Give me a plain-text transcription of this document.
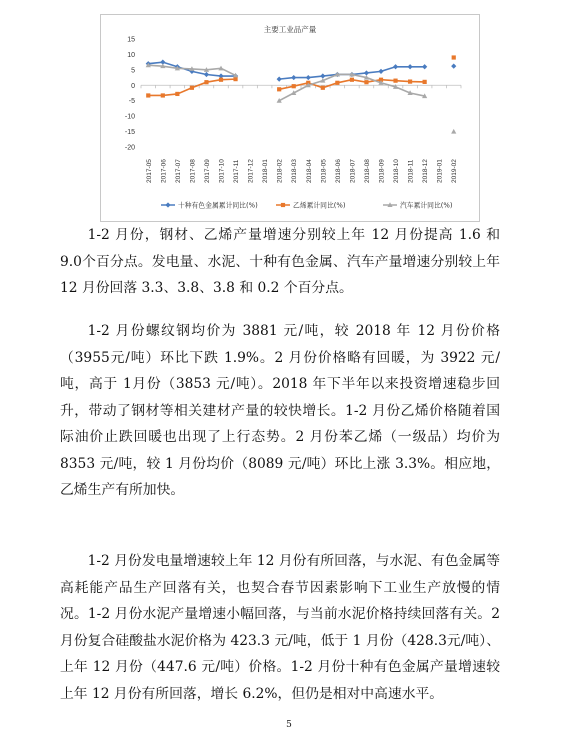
主要工业品产量
15
10
5
0
-5
-10
-15
-20
2017-05 2017-06 2017-07 2017-08 2017-09 2017-10 2017-11 2017-12 2018-01 2018-02 2018-03 2018-04 2018-05 2018-06 2018-07 2018-08 2018-09 2018-10 2018-11 2018-12 2019-01 2019-02
十种有色金属累计同比(%)	乙烯累计同比(%)	汽车累计同比(%)
1-2 月份，钢材、乙烯产量增速分别较上年 12 月份提高 1.6 和 9.0个百分点。发电量、水泥、十种有色金属、汽车产量增速分别较上年12 月份回落 3.3、3.8、3.8 和 0.2 个百分点。
1-2 月份螺纹钢均价为 3881 元/吨，较 2018 年 12 月份价格（3955元/吨）环比下跌 1.9%。2 月份价格略有回暖，为 3922 元/吨，高于 1月份（3853 元/吨）。2018 年下半年以来投资增速稳步回升，带动了钢材等相关建材产量的较快增长。1-2 月份乙烯价格随着国际油价止跌回暖也出现了上行态势。2 月份苯乙烯（一级品）均价为 8353 元/吨，较 1 月份均价（8089 元/吨）环比上涨 3.3%。相应地，乙烯生产有所加快。
1-2 月份发电量增速较上年 12 月份有所回落，与水泥、有色金属等高耗能产品生产回落有关，也契合春节因素影响下工业生产放慢的情况。1-2 月份水泥产量增速小幅回落，与当前水泥价格持续回落有关。2 月份复合硅酸盐水泥价格为 423.3 元/吨，低于 1 月份（428.3元/吨）、上年 12 月份（447.6 元/吨）价格。1-2 月份十种有色金属产量增速较上年 12 月份有所回落，增长 6.2%，但仍是相对中高速水平。
5
